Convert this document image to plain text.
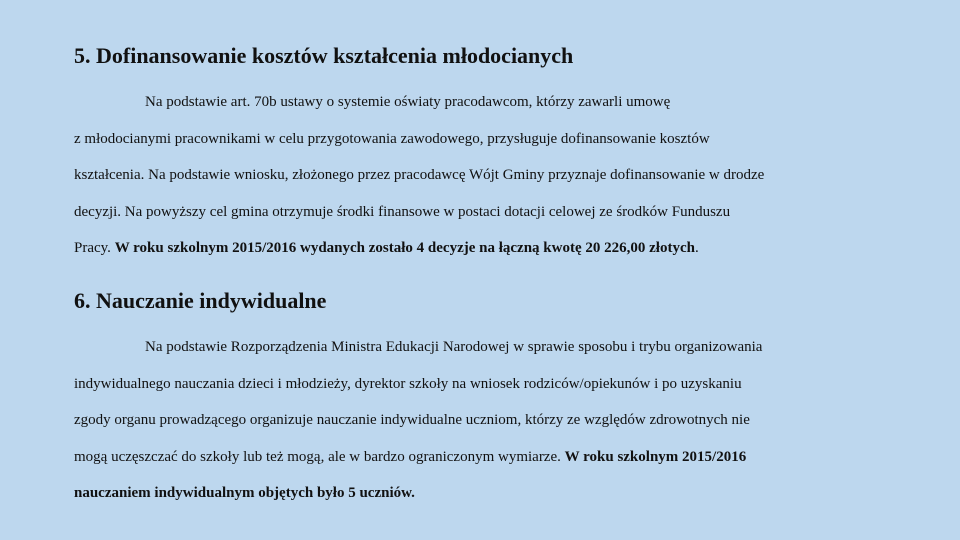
5. Dofinansowanie kosztów kształcenia młodocianych
Na podstawie art. 70b ustawy o systemie oświaty pracodawcom, którzy zawarli umowę
z młodocianymi pracownikami w celu przygotowania zawodowego, przysługuje dofinansowanie kosztów
kształcenia. Na podstawie wniosku, złożonego przez pracodawcę Wójt Gminy przyznaje dofinansowanie w drodze
decyzji. Na powyższy cel gmina otrzymuje środki finansowe w postaci dotacji celowej ze środków Funduszu
Pracy. W roku szkolnym 2015/2016 wydanych zostało 4 decyzje na łączną kwotę 20 226,00 złotych.
6. Nauczanie indywidualne
Na podstawie Rozporządzenia Ministra Edukacji Narodowej w sprawie sposobu i trybu organizowania
indywidualnego nauczania dzieci i młodzieży, dyrektor szkoły na wniosek rodziców/opiekunów i po uzyskaniu
zgody organu prowadzącego organizuje nauczanie indywidualne uczniom, którzy ze względów zdrowotnych nie
mogą uczęszczać do szkoły lub też mogą, ale w bardzo ograniczonym wymiarze. W roku szkolnym 2015/2016
nauczaniem indywidualnym objętych było 5 uczniów.
